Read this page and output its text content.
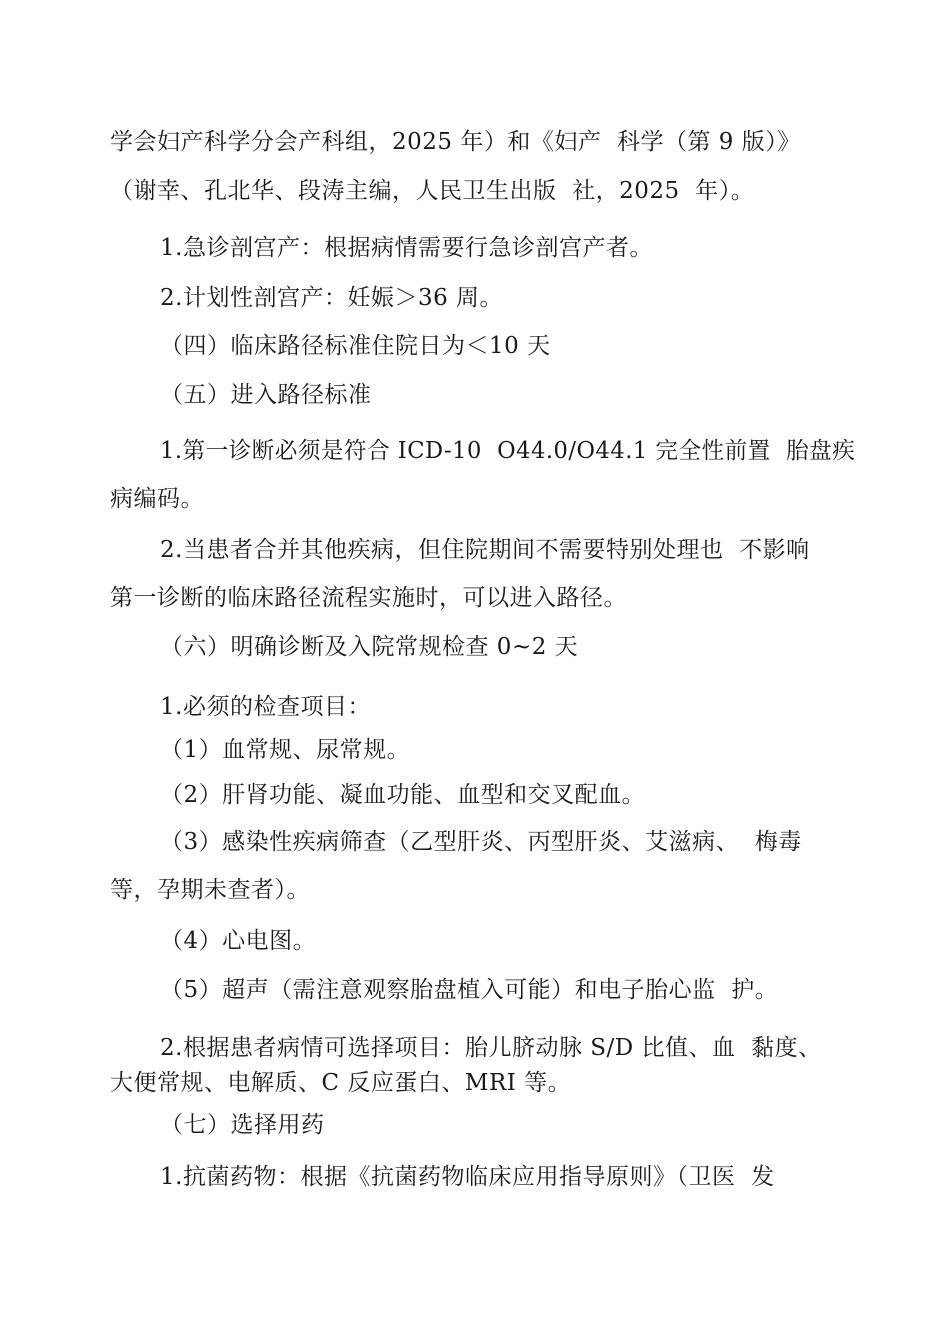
学会妇产科学分会产科组，2025 年）和《妇产  科学（第 9 版）》
（谢幸、孔北华、段涛主编，人民卫生出版  社，2025  年）。
1.急诊剖宫产：根据病情需要行急诊剖宫产者。
2.计划性剖宫产：妊娠＞36 周。
（四）临床路径标准住院日为＜10 天
（五）进入路径标准
1.第一诊断必须是符合 ICD-10  O44.0/O44.1 完全性前置  胎盘疾
病编码。
2.当患者合并其他疾病，但住院期间不需要特别处理也  不影响
第一诊断的临床路径流程实施时，可以进入路径。
（六）明确诊断及入院常规检查 0~2 天
1.必须的检查项目：
（1）血常规、尿常规。
（2）肝肾功能、凝血功能、血型和交叉配血。
（3）感染性疾病筛查（乙型肝炎、丙型肝炎、艾滋病、  梅毒
等，孕期未查者）。
（4）心电图。
（5）超声（需注意观察胎盘植入可能）和电子胎心监  护。
2.根据患者病情可选择项目：胎儿脐动脉 S/D 比值、血  黏度、
大便常规、电解质、C 反应蛋白、MRI 等。
（七）选择用药
1.抗菌药物：根据《抗菌药物临床应用指导原则》（卫医  发
